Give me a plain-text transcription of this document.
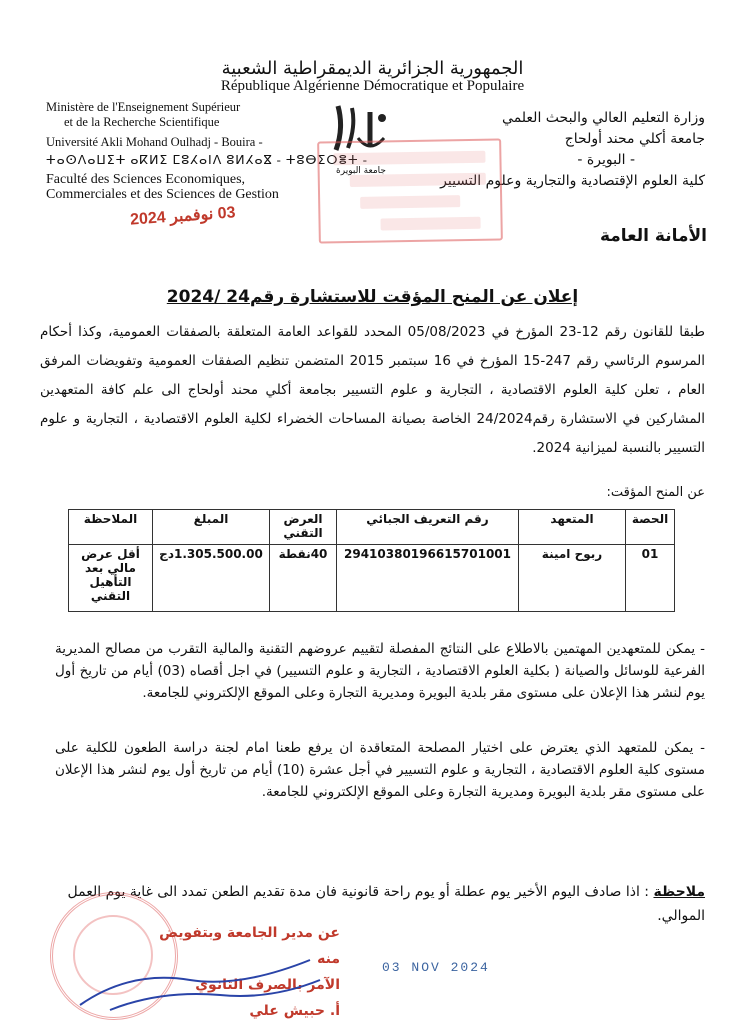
الجمهورية الجزائرية الديمقراطية الشعبية
République Algérienne Démocratique et Populaire
Ministère de l'Enseignement Supérieur
et de la Recherche Scientifique
Université Akli Mohand Oulhadj - Bouira -
ⵜⴰⵙⴷⴰⵡⵉⵜ ⴰⴽⵍⵉ ⵎⵓⵃⴰⵏⴷ ⵓⵍⵃⴰⴵ - ⵜⵓⴱⵉⵔⴻⵜ -
Faculté des Sciences Economiques,
Commerciales et des Sciences de Gestion
وزارة التعليم العالي والبحث العلمي
جامعة أكلي محند أولحاج
- البويرة -
كلية العلوم الإقتصادية والتجارية وعلوم التسيير
جامعة البويرة
03 نوفمبر 2024
الأمانة العامة
إعلان عن المنح المؤقت للاستشارة رقم24 /2024

طبقا للقانون رقم 12-23 المؤرخ في 05/08/2023 المحدد للقواعد العامة المتعلقة بالصفقات العمومية، وكذا أحكام المرسوم الرئاسي رقم 247-15 المؤرخ في 16 سبتمبر 2015 المتضمن تنظيم الصفقات العمومية وتفويضات المرفق العام ، تعلن كلية العلوم الاقتصادية ، التجارية و علوم التسيير بجامعة أكلي محند أولحاج الى علم كافة المتعهدين المشاركين في الاستشارة رقم24/2024 الخاصة بصيانة المساحات الخضراء لكلية العلوم الاقتصادية ، التجارية و علوم التسيير بالنسبة لميزانية 2024.

عن المنح المؤقت:
الحصة	المتعهد	رقم التعريف الجبائي	العرض التقني	المبلغ	الملاحظة
01	ربوح امينة	29410380196615701001	40نقطة	1.305.500.00دج	أقل عرض مالي بعد التأهيل التقني

- يمكن للمتعهدين المهتمين بالاطلاع على النتائج المفصلة لتقييم عروضهم التقنية والمالية التقرب من مصالح المديرية الفرعية للوسائل والصيانة ( بكلية العلوم الاقتصادية ، التجارية و علوم التسيير) في اجل أقصاه (03) أيام من تاريخ أول يوم لنشر هذا الإعلان على مستوى مقر بلدية البويرة ومديرية التجارة وعلى الموقع الإلكتروني للجامعة.

- يمكن للمتعهد الذي يعترض على اختيار المصلحة المتعاقدة ان يرفع طعنا امام لجنة دراسة الطعون للكلية على مستوى كلية العلوم الاقتصادية ، التجارية و علوم التسيير في أجل عشرة (10) أيام من تاريخ أول يوم لنشر هذا الإعلان على مستوى مقر بلدية البويرة ومديرية التجارة وعلى الموقع الإلكتروني للجامعة.

ملاحظة : اذا صادف اليوم الأخير يوم عطلة أو يوم راحة قانونية فان مدة تقديم الطعن تمدد الى غاية يوم العمل الموالي.
عن مدير الجامعة وبتفويض منه
الآمر بالصرف الثانوي
أ. حبيش علي
03 NOV 2024
